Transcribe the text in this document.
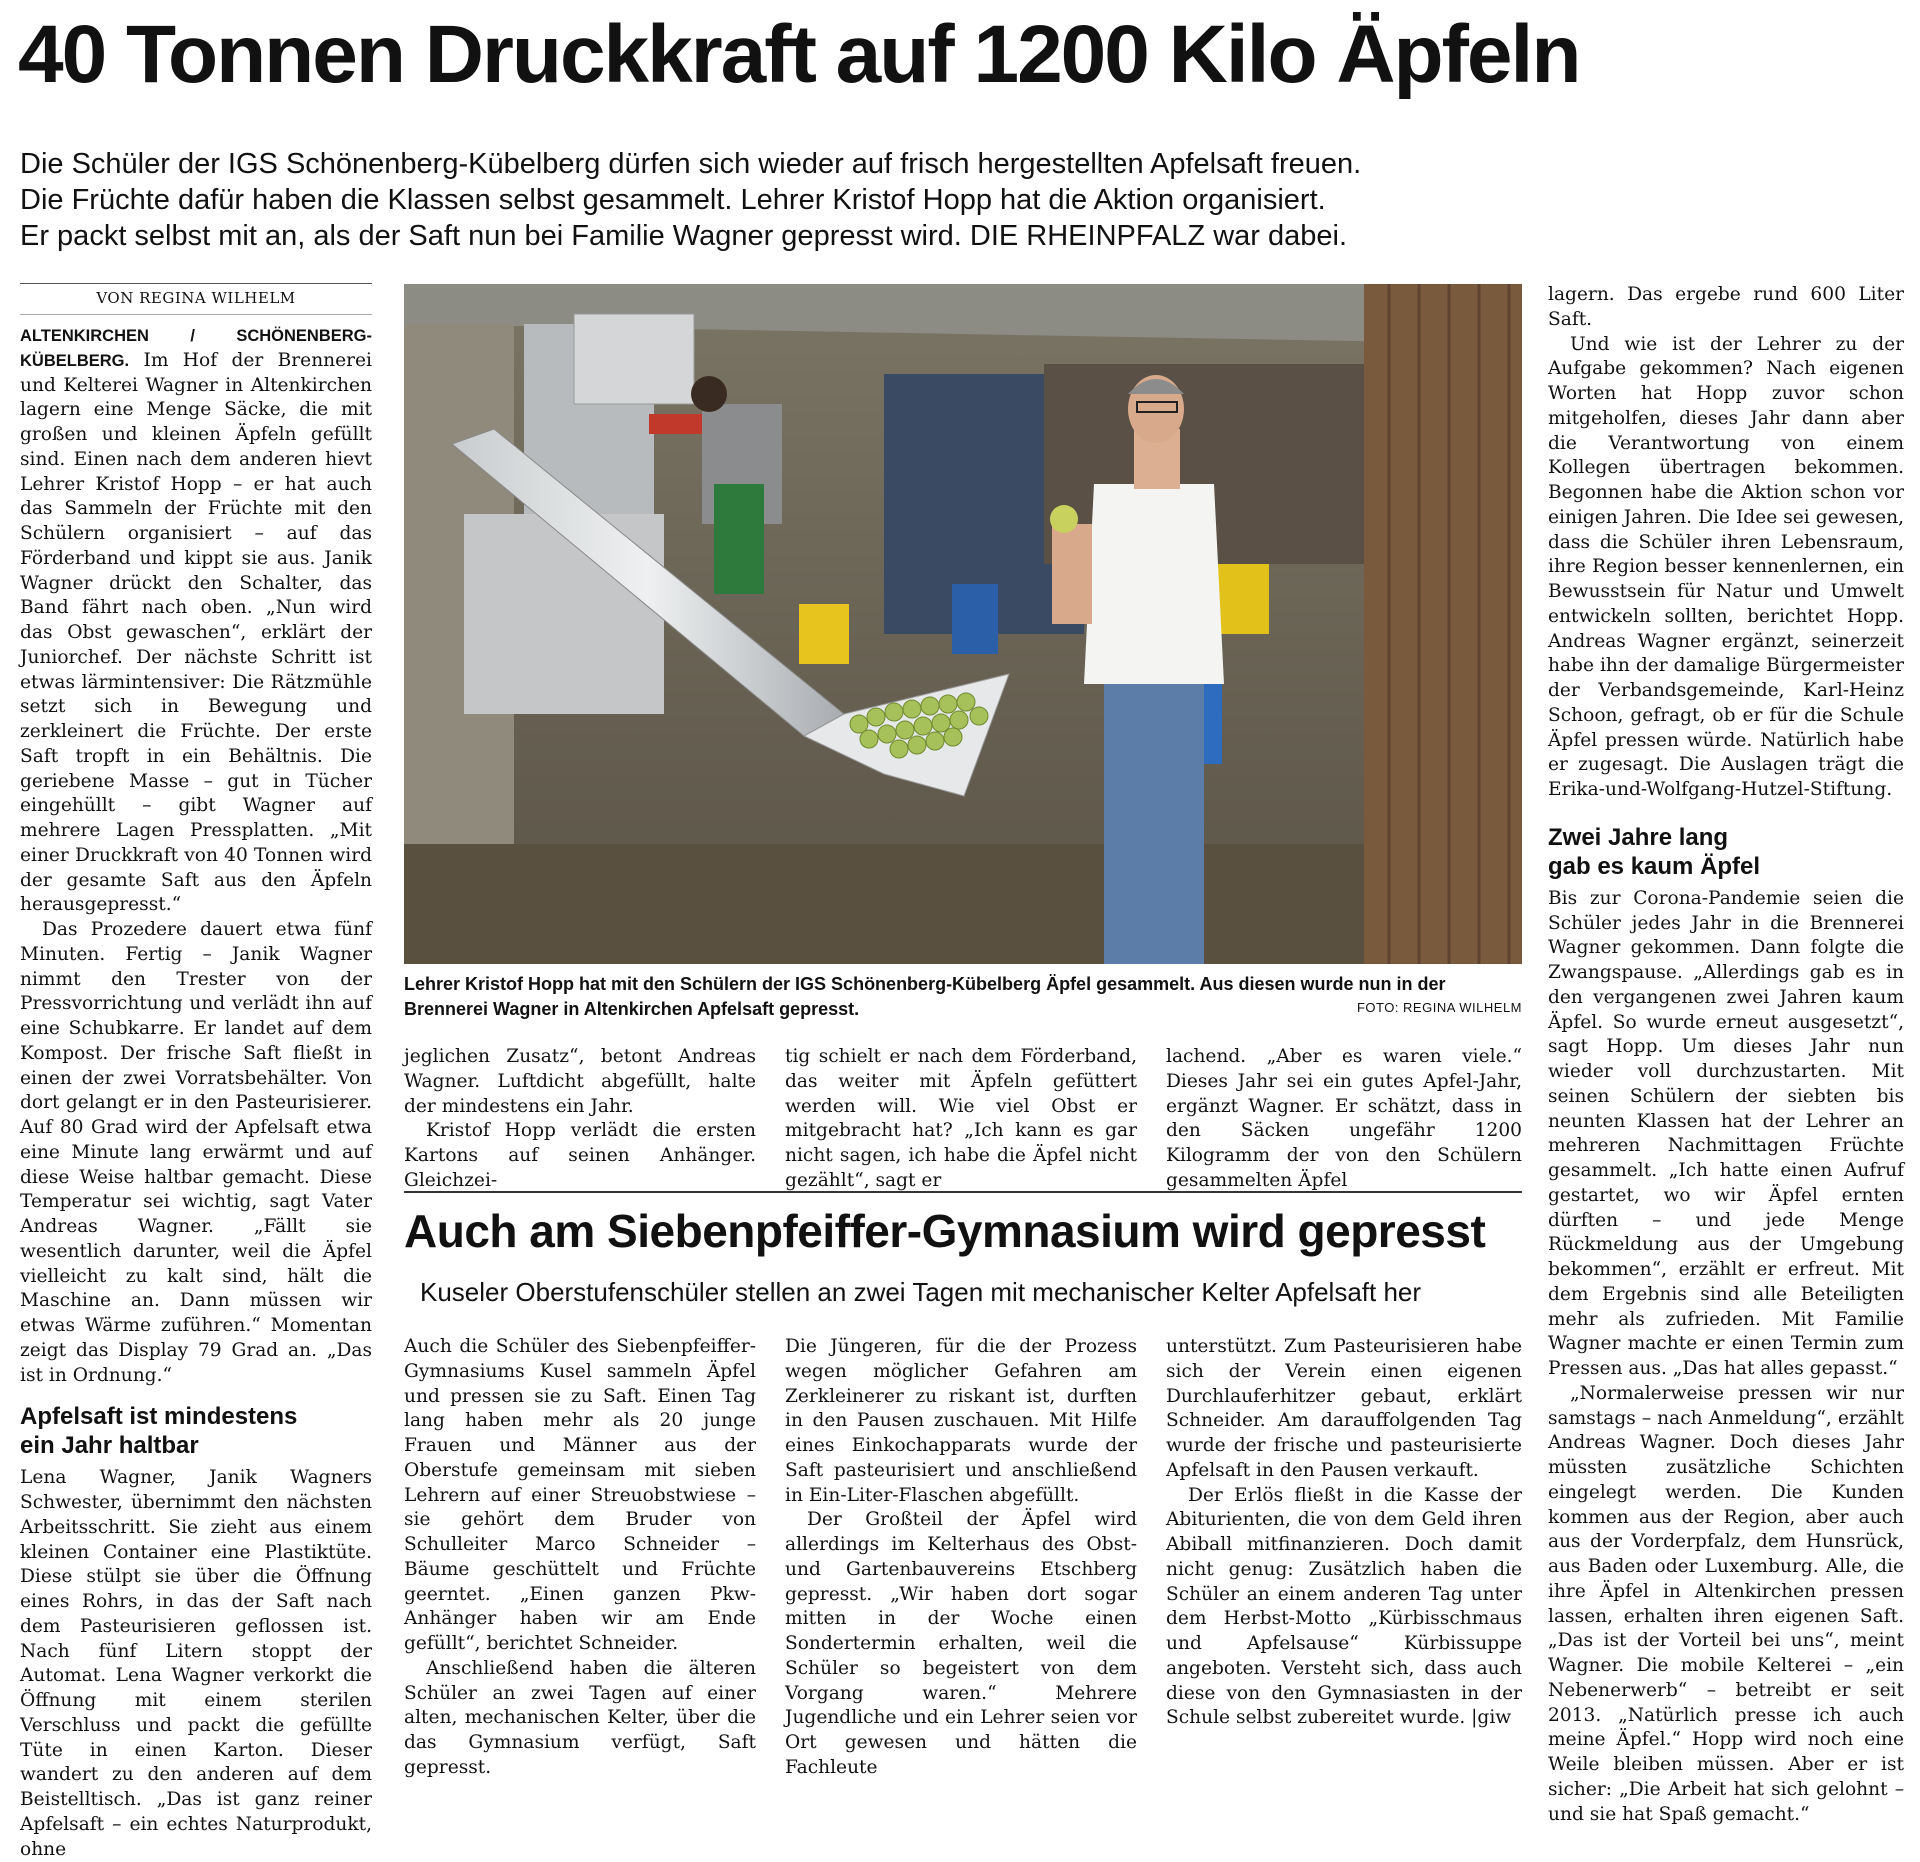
40 Tonnen Druckkraft auf 1200 Kilo Äpfeln

Die Schüler der IGS Schönenberg-Kübelberg dürfen sich wieder auf frisch hergestellten Apfelsaft freuen.
Die Früchte dafür haben die Klassen selbst gesammelt. Lehrer Kristof Hopp hat die Aktion organisiert.
Er packt selbst mit an, als der Saft nun bei Familie Wagner gepresst wird. DIE RHEINPFALZ war dabei.

VON REGINA WILHELM

ALTENKIRCHEN / SCHÖNENBERG-KÜBELBERG. Im Hof der Brennerei und Kelterei Wagner in Altenkirchen lagern eine Menge Säcke, die mit großen und kleinen Äpfeln gefüllt sind. Einen nach dem anderen hievt Lehrer Kristof Hopp – er hat auch das Sammeln der Früchte mit den Schülern organisiert – auf das Förderband und kippt sie aus. Janik Wagner drückt den Schalter, das Band fährt nach oben. „Nun wird das Obst gewaschen“, erklärt der Juniorchef. Der nächste Schritt ist etwas lärmintensiver: Die Rätzmühle setzt sich in Bewegung und zerkleinert die Früchte. Der erste Saft tropft in ein Behältnis. Die geriebene Masse – gut in Tücher eingehüllt – gibt Wagner auf mehrere Lagen Pressplatten. „Mit einer Druckkraft von 40 Tonnen wird der gesamte Saft aus den Äpfeln herausgepresst.“

Das Prozedere dauert etwa fünf Minuten. Fertig – Janik Wagner nimmt den Trester von der Pressvorrichtung und verlädt ihn auf eine Schubkarre. Er landet auf dem Kompost. Der frische Saft fließt in einen der zwei Vorratsbehälter. Von dort gelangt er in den Pasteurisierer. Auf 80 Grad wird der Apfelsaft etwa eine Minute lang erwärmt und auf diese Weise haltbar gemacht. Diese Temperatur sei wichtig, sagt Vater Andreas Wagner. „Fällt sie wesentlich darunter, weil die Äpfel vielleicht zu kalt sind, hält die Maschine an. Dann müssen wir etwas Wärme zuführen.“ Momentan zeigt das Display 79 Grad an. „Das ist in Ordnung.“

Apfelsaft ist mindestens
ein Jahr haltbar

Lena Wagner, Janik Wagners Schwester, übernimmt den nächsten Arbeitsschritt. Sie zieht aus einem kleinen Container eine Plastiktüte. Diese stülpt sie über die Öffnung eines Rohrs, in das der Saft nach dem Pasteurisieren geflossen ist. Nach fünf Litern stoppt der Automat. Lena Wagner verkorkt die Öffnung mit einem sterilen Verschluss und packt die gefüllte Tüte in einen Karton. Dieser wandert zu den anderen auf dem Beistelltisch. „Das ist ganz reiner Apfelsaft – ein echtes Naturprodukt, ohne

Lehrer Kristof Hopp hat mit den Schülern der IGS Schönenberg-Kübelberg Äpfel gesammelt. Aus diesen wurde nun in der Brennerei Wagner in Altenkirchen Apfelsaft gepresst.	FOTO: REGINA WILHELM

jeglichen Zusatz“, betont Andreas Wagner. Luftdicht abgefüllt, halte der mindestens ein Jahr.

Kristof Hopp verlädt die ersten Kartons auf seinen Anhänger. Gleichzei-

tig schielt er nach dem Förderband, das weiter mit Äpfeln gefüttert werden will. Wie viel Obst er mitgebracht hat? „Ich kann es gar nicht sagen, ich habe die Äpfel nicht gezählt“, sagt er

lachend. „Aber es waren viele.“ Dieses Jahr sei ein gutes Apfel-Jahr, ergänzt Wagner. Er schätzt, dass in den Säcken ungefähr 1200 Kilogramm der von den Schülern gesammelten Äpfel

lagern. Das ergebe rund 600 Liter Saft.

Und wie ist der Lehrer zu der Aufgabe gekommen? Nach eigenen Worten hat Hopp zuvor schon mitgeholfen, dieses Jahr dann aber die Verantwortung von einem Kollegen übertragen bekommen. Begonnen habe die Aktion schon vor einigen Jahren. Die Idee sei gewesen, dass die Schüler ihren Lebensraum, ihre Region besser kennenlernen, ein Bewusstsein für Natur und Umwelt entwickeln sollten, berichtet Hopp. Andreas Wagner ergänzt, seinerzeit habe ihn der damalige Bürgermeister der Verbandsgemeinde, Karl-Heinz Schoon, gefragt, ob er für die Schule Äpfel pressen würde. Natürlich habe er zugesagt. Die Auslagen trägt die Erika-und-Wolfgang-Hutzel-Stiftung.

Zwei Jahre lang
gab es kaum Äpfel

Bis zur Corona-Pandemie seien die Schüler jedes Jahr in die Brennerei Wagner gekommen. Dann folgte die Zwangspause. „Allerdings gab es in den vergangenen zwei Jahren kaum Äpfel. So wurde erneut ausgesetzt“, sagt Hopp. Um dieses Jahr nun wieder voll durchzustarten. Mit seinen Schülern der siebten bis neunten Klassen hat der Lehrer an mehreren Nachmittagen Früchte gesammelt. „Ich hatte einen Aufruf gestartet, wo wir Äpfel ernten dürften – und jede Menge Rückmeldung aus der Umgebung bekommen“, erzählt er erfreut. Mit dem Ergebnis sind alle Beteiligten mehr als zufrieden. Mit Familie Wagner machte er einen Termin zum Pressen aus. „Das hat alles gepasst.“

„Normalerweise pressen wir nur samstags – nach Anmeldung“, erzählt Andreas Wagner. Doch dieses Jahr müssten zusätzliche Schichten eingelegt werden. Die Kunden kommen aus der Region, aber auch aus der Vorderpfalz, dem Hunsrück, aus Baden oder Luxemburg. Alle, die ihre Äpfel in Altenkirchen pressen lassen, erhalten ihren eigenen Saft. „Das ist der Vorteil bei uns“, meint Wagner. Die mobile Kelterei – „ein Nebenerwerb“ – betreibt er seit 2013. „Natürlich presse ich auch meine Äpfel.“ Hopp wird noch eine Weile bleiben müssen. Aber er ist sicher: „Die Arbeit hat sich gelohnt – und sie hat Spaß gemacht.“

Auch am Siebenpfeiffer-Gymnasium wird gepresst

Kuseler Oberstufenschüler stellen an zwei Tagen mit mechanischer Kelter Apfelsaft her

Auch die Schüler des Siebenpfeiffer-Gymnasiums Kusel sammeln Äpfel und pressen sie zu Saft. Einen Tag lang haben mehr als 20 junge Frauen und Männer aus der Oberstufe gemeinsam mit sieben Lehrern auf einer Streuobstwiese – sie gehört dem Bruder von Schulleiter Marco Schneider – Bäume geschüttelt und Früchte geerntet. „Einen ganzen Pkw-Anhänger haben wir am Ende gefüllt“, berichtet Schneider.

Anschließend haben die älteren Schüler an zwei Tagen auf einer alten, mechanischen Kelter, über die das Gymnasium verfügt, Saft gepresst.

Die Jüngeren, für die der Prozess wegen möglicher Gefahren am Zerkleinerer zu riskant ist, durften in den Pausen zuschauen. Mit Hilfe eines Einkochapparats wurde der Saft pasteurisiert und anschließend in Ein-Liter-Flaschen abgefüllt.

Der Großteil der Äpfel wird allerdings im Kelterhaus des Obst- und Gartenbauvereins Etschberg gepresst. „Wir haben dort sogar mitten in der Woche einen Sondertermin erhalten, weil die Schüler so begeistert von dem Vorgang waren.“ Mehrere Jugendliche und ein Lehrer seien vor Ort gewesen und hätten die Fachleute

unterstützt. Zum Pasteurisieren habe sich der Verein einen eigenen Durchlauferhitzer gebaut, erklärt Schneider. Am darauffolgenden Tag wurde der frische und pasteurisierte Apfelsaft in den Pausen verkauft.

Der Erlös fließt in die Kasse der Abiturienten, die von dem Geld ihren Abiball mitfinanzieren. Doch damit nicht genug: Zusätzlich haben die Schüler an einem anderen Tag unter dem Herbst-Motto „Kürbisschmaus und Apfelsause“ Kürbissuppe angeboten. Versteht sich, dass auch diese von den Gymnasiasten in der Schule selbst zubereitet wurde. |giw
